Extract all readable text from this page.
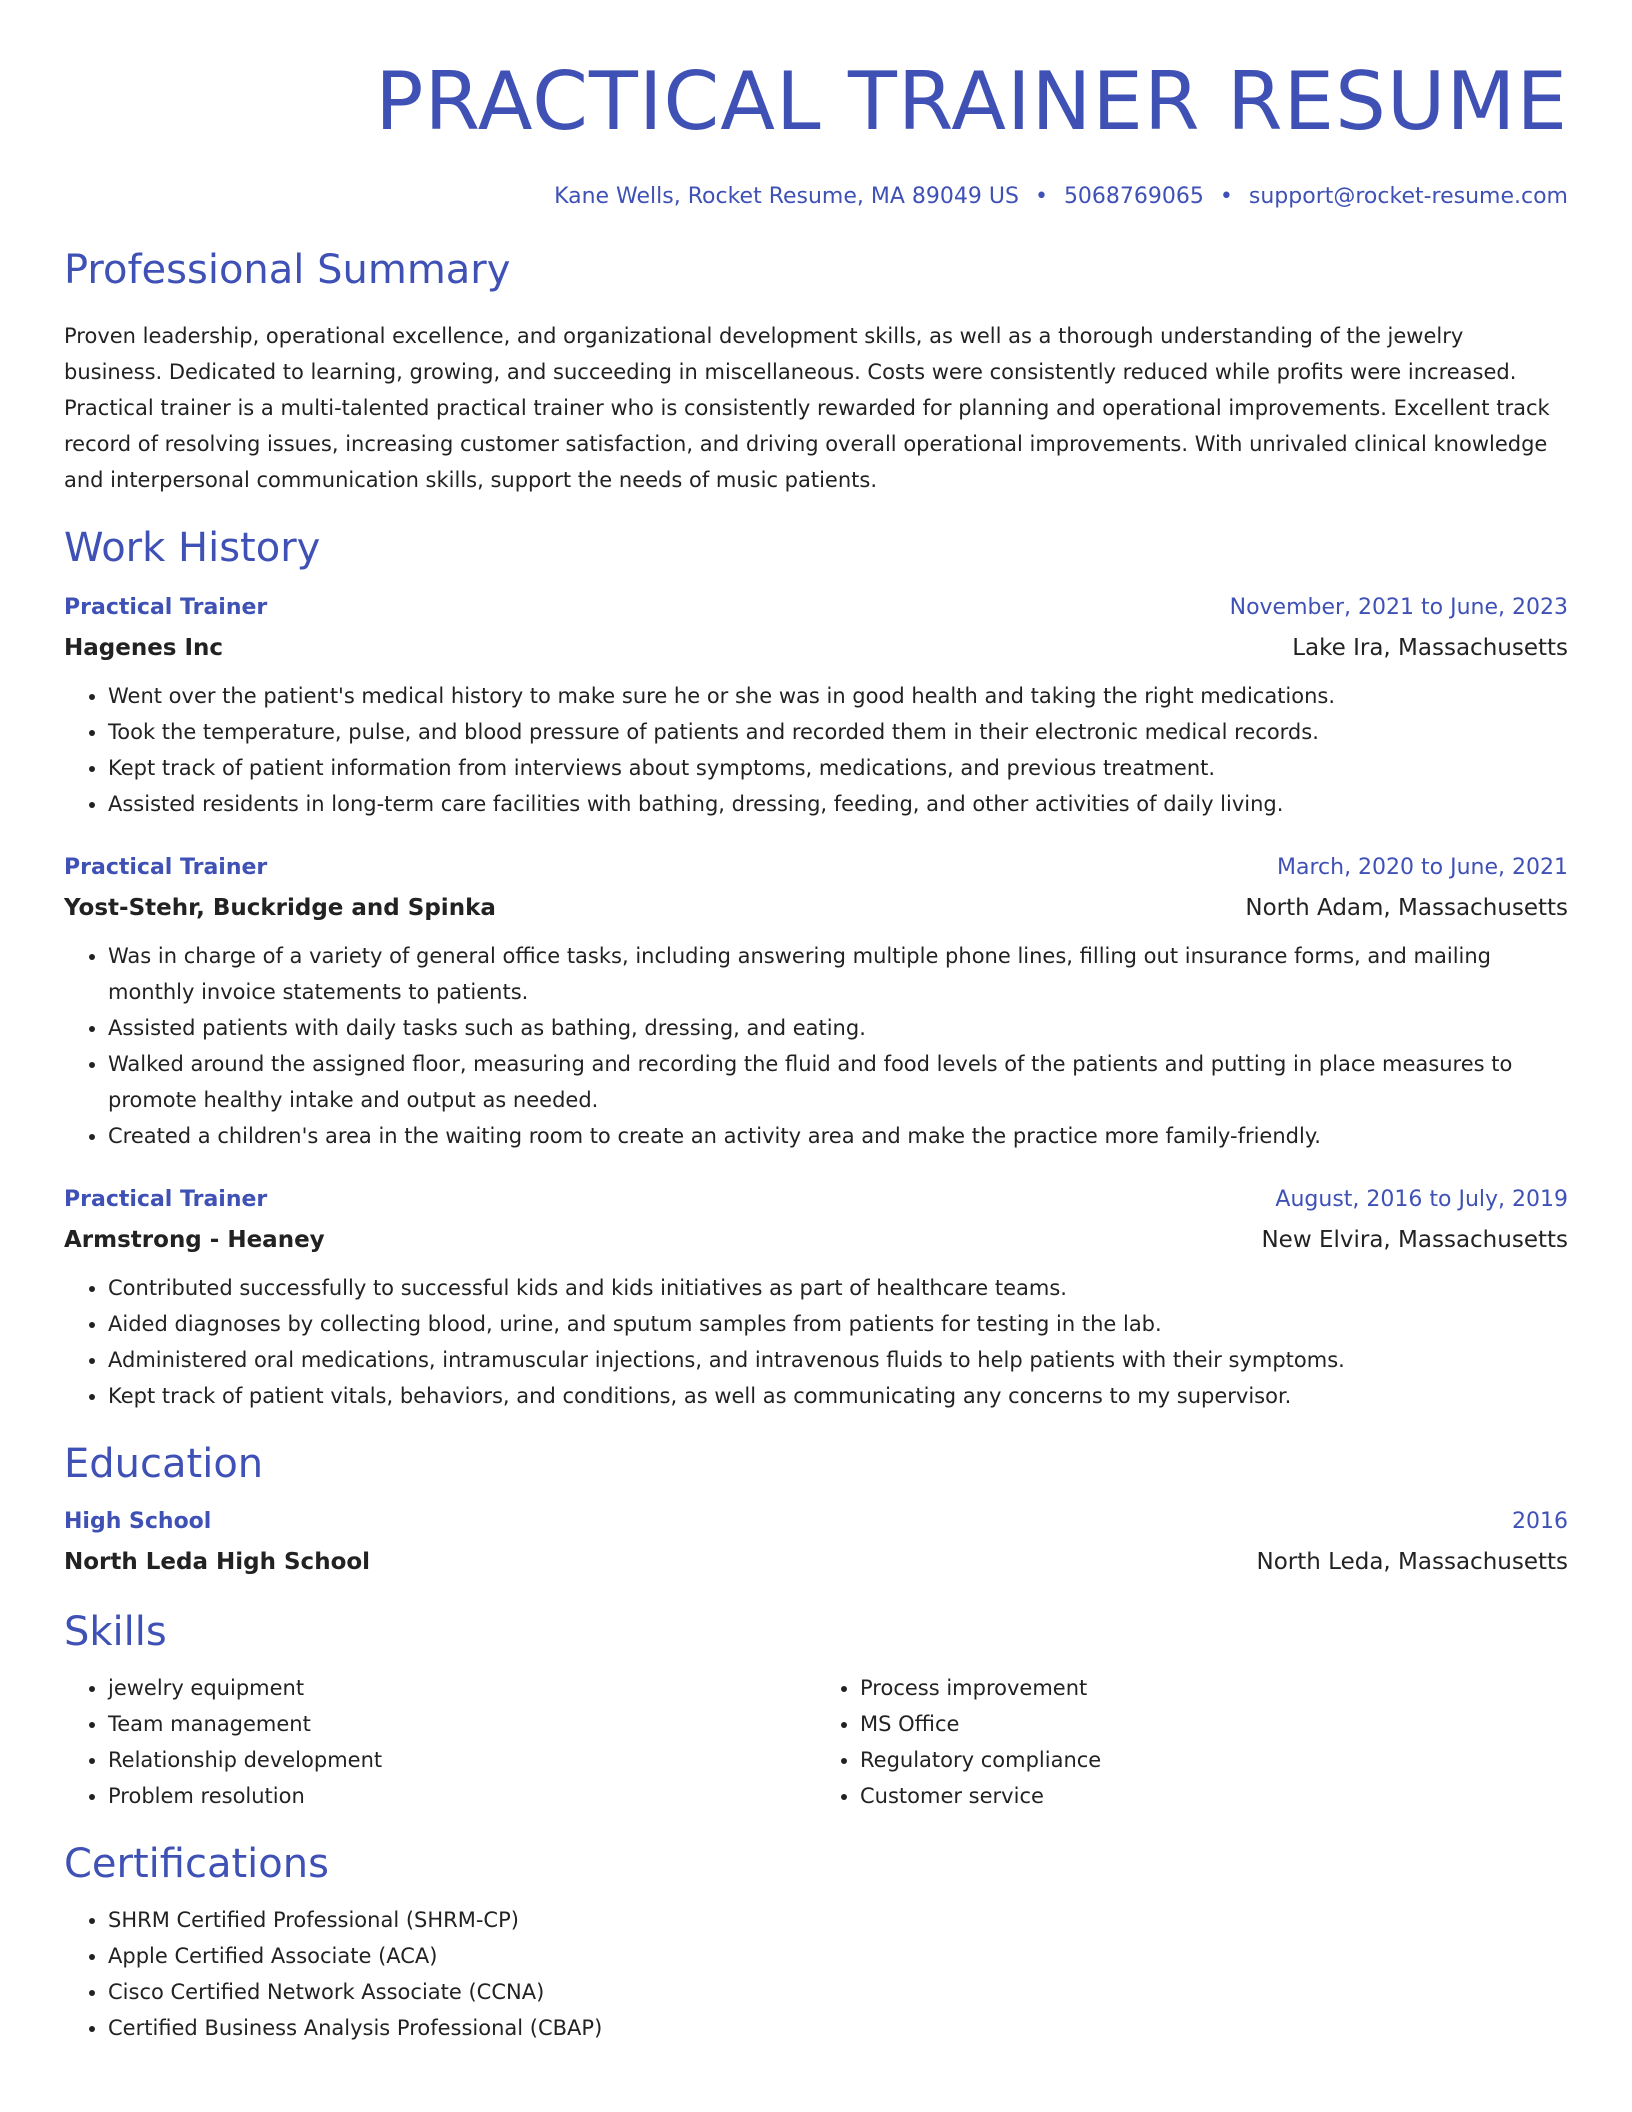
PRACTICAL TRAINER RESUME
Kane Wells, Rocket Resume, MA 89049 US • 5068769065 • support@rocket-resume.com
Professional Summary
Proven leadership, operational excellence, and organizational development skills, as well as a thorough understanding of the jewelry business. Dedicated to learning, growing, and succeeding in miscellaneous. Costs were consistently reduced while profits were increased. Practical trainer is a multi-talented practical trainer who is consistently rewarded for planning and operational improvements. Excellent track record of resolving issues, increasing customer satisfaction, and driving overall operational improvements. With unrivaled clinical knowledge and interpersonal communication skills, support the needs of music patients.
Work History
Practical Trainer	November, 2021 to June, 2023
Hagenes Inc	Lake Ira, Massachusetts
• Went over the patient's medical history to make sure he or she was in good health and taking the right medications.
• Took the temperature, pulse, and blood pressure of patients and recorded them in their electronic medical records.
• Kept track of patient information from interviews about symptoms, medications, and previous treatment.
• Assisted residents in long-term care facilities with bathing, dressing, feeding, and other activities of daily living.
Practical Trainer	March, 2020 to June, 2021
Yost-Stehr, Buckridge and Spinka	North Adam, Massachusetts
• Was in charge of a variety of general office tasks, including answering multiple phone lines, filling out insurance forms, and mailing monthly invoice statements to patients.
• Assisted patients with daily tasks such as bathing, dressing, and eating.
• Walked around the assigned floor, measuring and recording the fluid and food levels of the patients and putting in place measures to promote healthy intake and output as needed.
• Created a children's area in the waiting room to create an activity area and make the practice more family-friendly.
Practical Trainer	August, 2016 to July, 2019
Armstrong - Heaney	New Elvira, Massachusetts
• Contributed successfully to successful kids and kids initiatives as part of healthcare teams.
• Aided diagnoses by collecting blood, urine, and sputum samples from patients for testing in the lab.
• Administered oral medications, intramuscular injections, and intravenous fluids to help patients with their symptoms.
• Kept track of patient vitals, behaviors, and conditions, as well as communicating any concerns to my supervisor.
Education
High School	2016
North Leda High School	North Leda, Massachusetts
Skills
• jewelry equipment
• Team management
• Relationship development
• Problem resolution
• Process improvement
• MS Office
• Regulatory compliance
• Customer service
Certifications
• SHRM Certified Professional (SHRM-CP)
• Apple Certified Associate (ACA)
• Cisco Certified Network Associate (CCNA)
• Certified Business Analysis Professional (CBAP)
